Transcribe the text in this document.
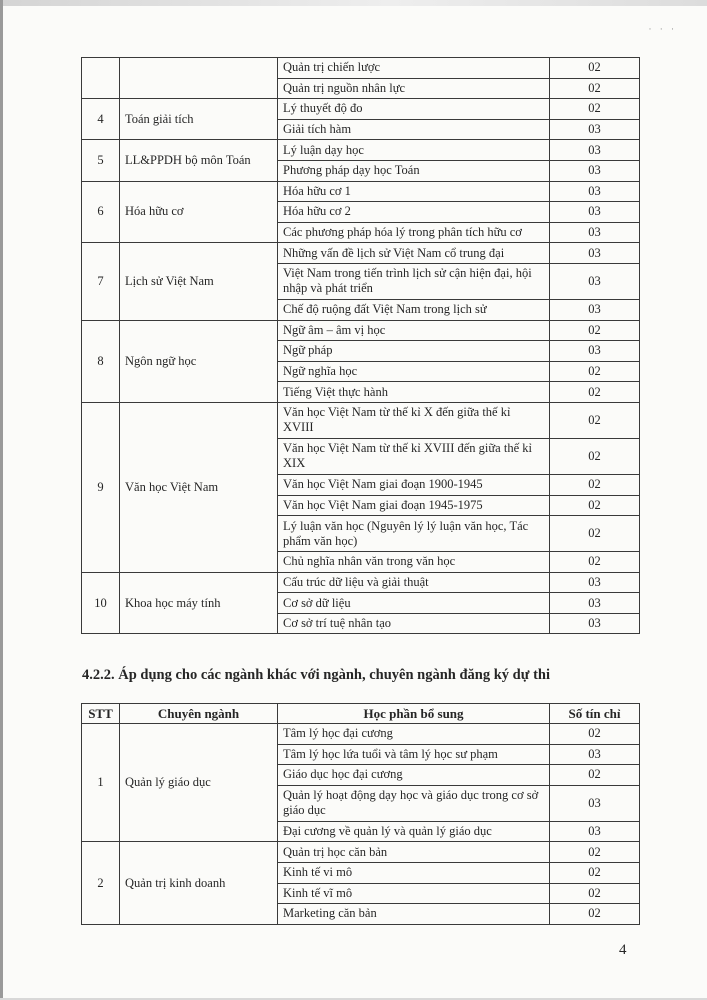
· · ·
		Quản trị chiến lược	02
		Quản trị nguồn nhân lực	02
4	Toán giải tích	Lý thuyết độ đo	02
		Giải tích hàm	03
5	LL&PPDH bộ môn Toán	Lý luận dạy học	03
		Phương pháp dạy học Toán	03
6	Hóa hữu cơ	Hóa hữu cơ 1	03
		Hóa hữu cơ 2	03
		Các phương pháp hóa lý trong phân tích hữu cơ	03
7	Lịch sử Việt Nam	Những vấn đề lịch sử Việt Nam cổ trung đại	03
		Việt Nam trong tiến trình lịch sử cận hiện đại, hội nhập và phát triển	03
		Chế độ ruộng đất Việt Nam trong lịch sử	03
8	Ngôn ngữ học	Ngữ âm – âm vị học	02
		Ngữ pháp	03
		Ngữ nghĩa học	02
		Tiếng Việt thực hành	02
9	Văn học Việt Nam	Văn học Việt Nam từ thế kỉ X đến giữa thế kỉ XVIII	02
		Văn học Việt Nam từ thế kỉ XVIII đến giữa thế kỉ XIX	02
		Văn học Việt Nam giai đoạn 1900-1945	02
		Văn học Việt Nam giai đoạn 1945-1975	02
		Lý luận văn học (Nguyên lý lý luận văn học, Tác phẩm văn học)	02
		Chủ nghĩa nhân văn trong văn học	02
10	Khoa học máy tính	Cấu trúc dữ liệu và giải thuật	03
		Cơ sở dữ liệu	03
		Cơ sở trí tuệ nhân tạo	03
4.2.2. Áp dụng cho các ngành khác với ngành, chuyên ngành đăng ký dự thi
STT	Chuyên ngành	Học phần bổ sung	Số tín chỉ
1	Quản lý giáo dục	Tâm lý học đại cương	02
		Tâm lý học lứa tuổi và tâm lý học sư phạm	03
		Giáo dục học đại cương	02
		Quản lý hoạt động dạy học và giáo dục trong cơ sở giáo dục	03
		Đại cương về quản lý và quản lý giáo dục	03
2	Quản trị kinh doanh	Quản trị học căn bản	02
		Kinh tế vi mô	02
		Kinh tế vĩ mô	02
		Marketing căn bản	02
4
